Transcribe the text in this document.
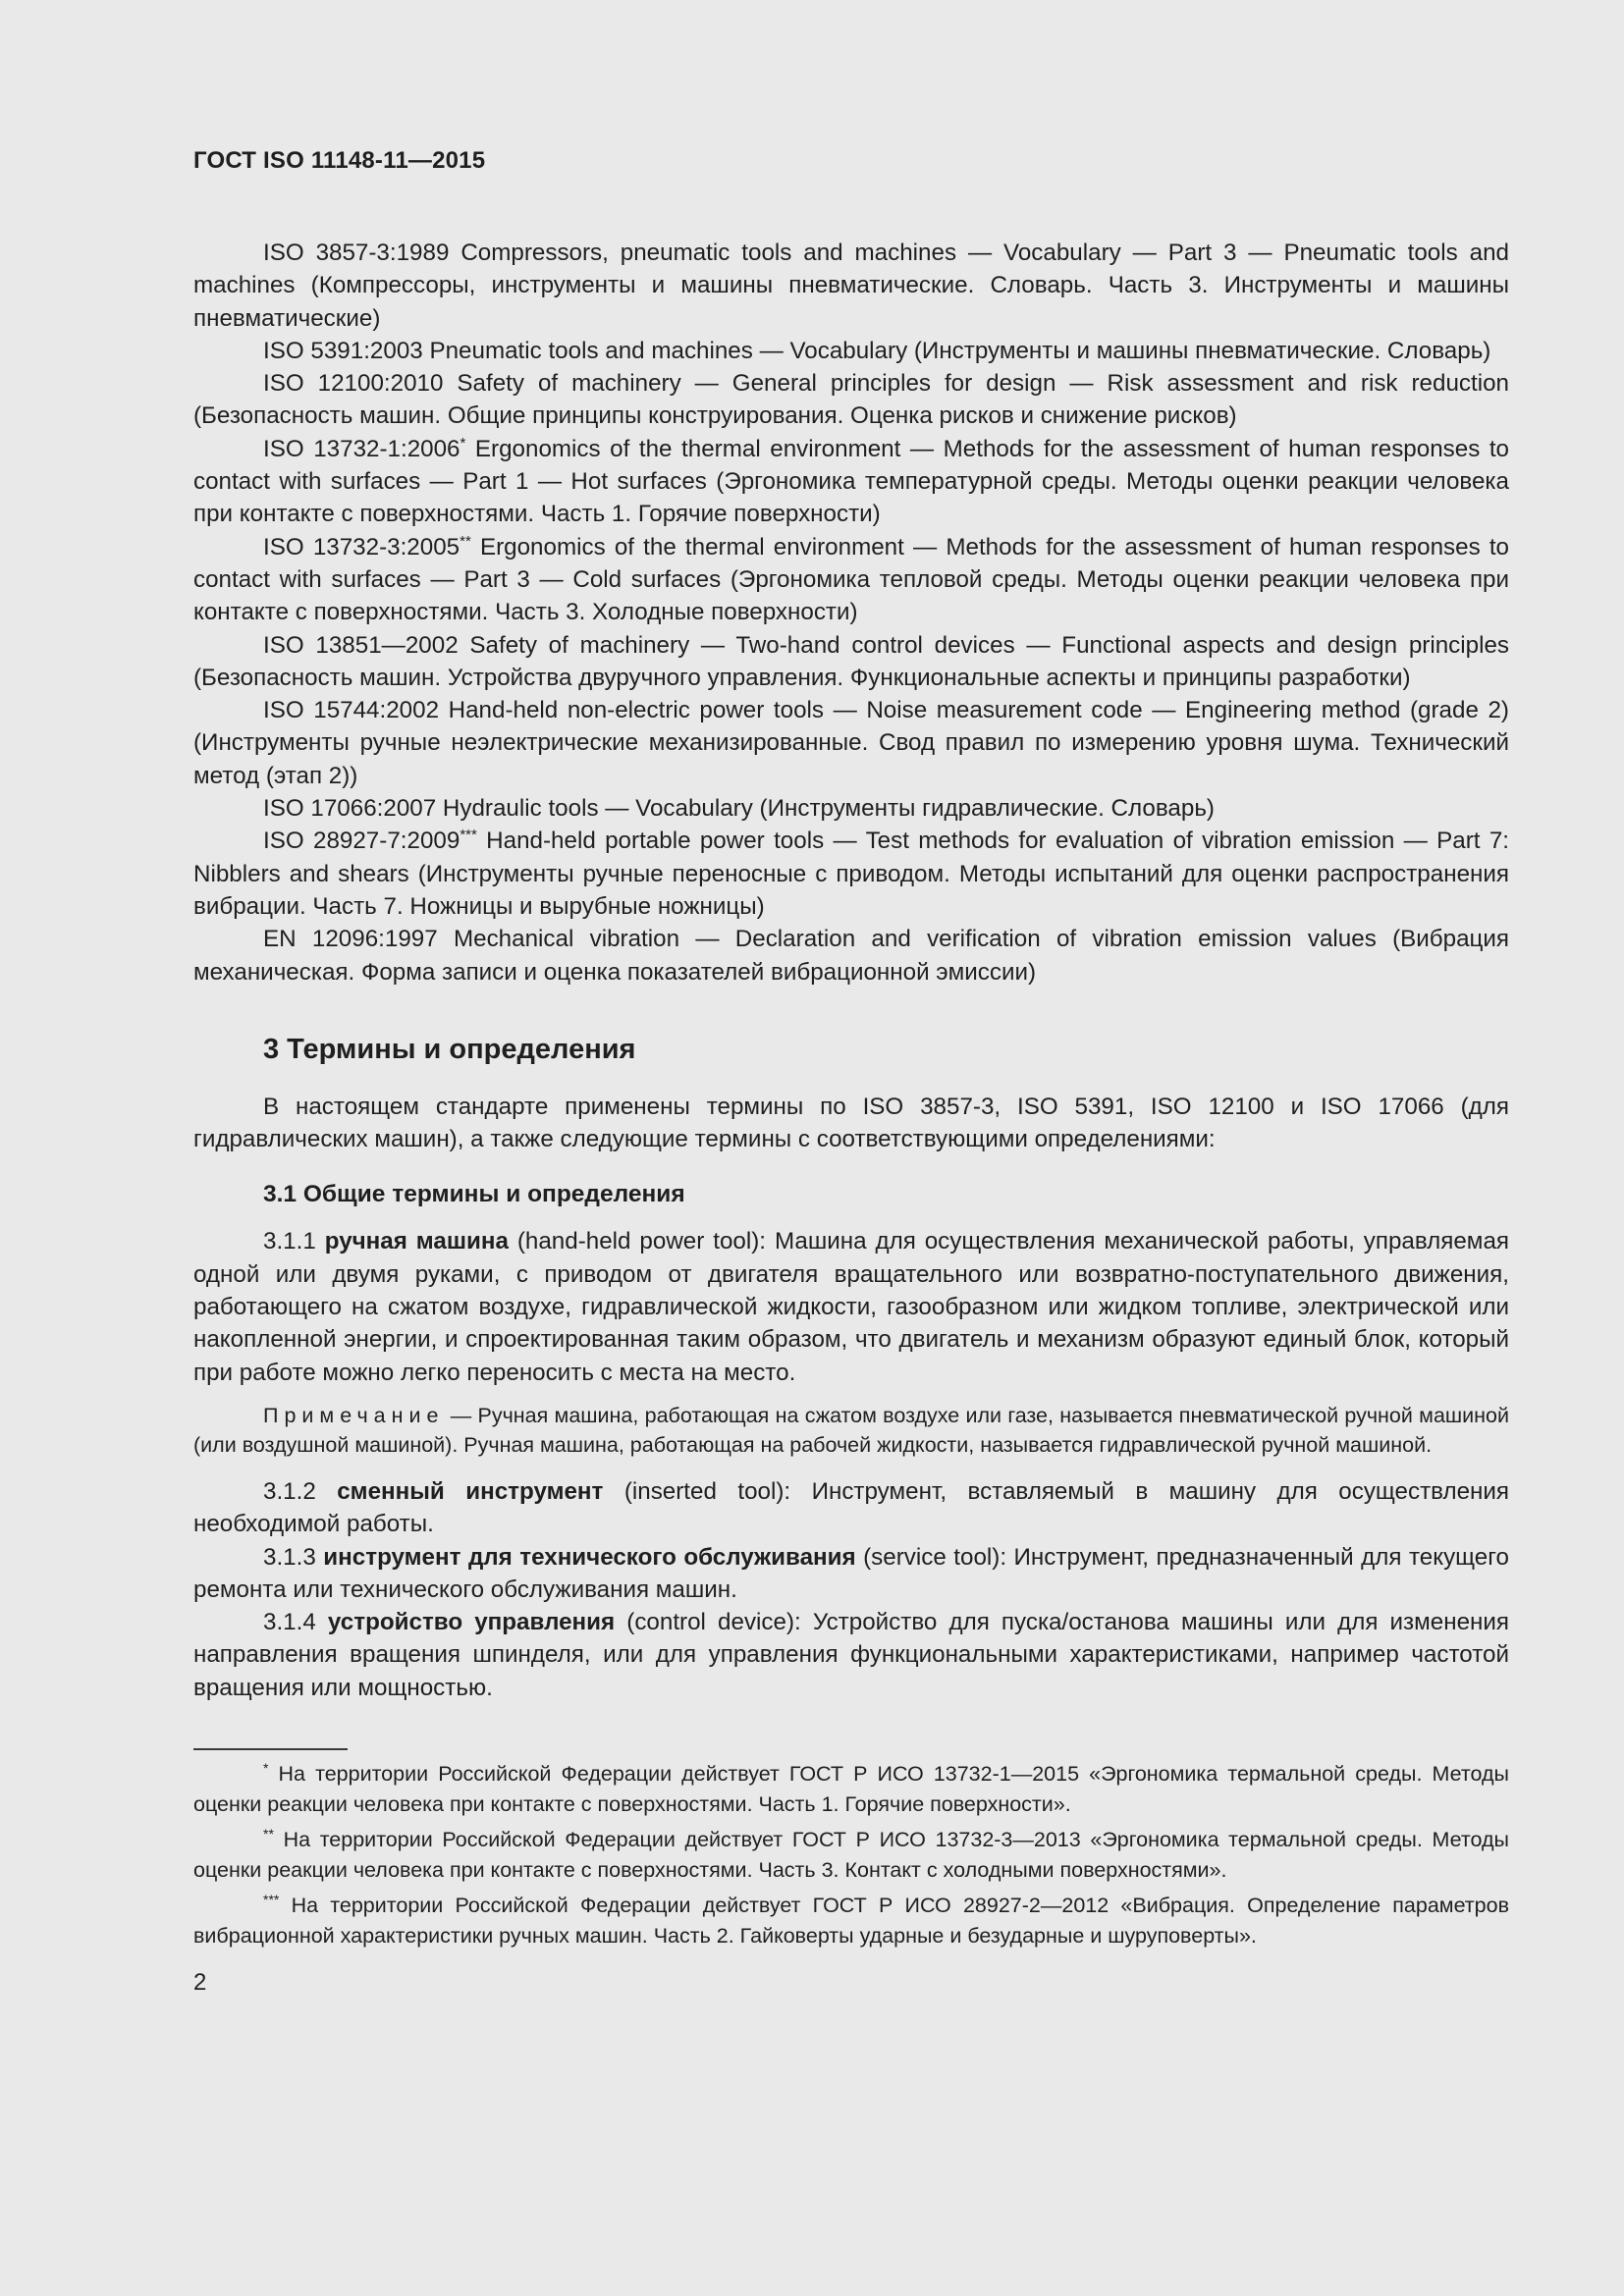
ГОСТ ISO 11148-11—2015

ISO 3857-3:1989 Compressors, pneumatic tools and machines — Vocabulary — Part 3 — Pneumatic tools and machines (Компрессоры, инструменты и машины пневматические. Словарь. Часть 3. Инструменты и машины пневматические)

ISO 5391:2003 Pneumatic tools and machines — Vocabulary (Инструменты и машины пневматические. Словарь)

ISO 12100:2010 Safety of machinery — General principles for design — Risk assessment and risk reduction (Безопасность машин. Общие принципы конструирования. Оценка рисков и снижение рисков)

ISO 13732-1:2006* Ergonomics of the thermal environment — Methods for the assessment of human responses to contact with surfaces — Part 1 — Hot surfaces (Эргономика температурной среды. Методы оценки реакции человека при контакте с поверхностями. Часть 1. Горячие поверхности)

ISO 13732-3:2005** Ergonomics of the thermal environment — Methods for the assessment of human responses to contact with surfaces — Part 3 — Cold surfaces (Эргономика тепловой среды. Методы оценки реакции человека при контакте с поверхностями. Часть 3. Холодные поверхности)

ISO 13851—2002 Safety of machinery — Two-hand control devices — Functional aspects and design principles (Безопасность машин. Устройства двуручного управления. Функциональные аспекты и принципы разработки)

ISO 15744:2002 Hand-held non-electric power tools — Noise measurement code — Engineering method (grade 2) (Инструменты ручные неэлектрические механизированные. Свод правил по измерению уровня шума. Технический метод (этап 2))

ISO 17066:2007 Hydraulic tools — Vocabulary (Инструменты гидравлические. Словарь)

ISO 28927-7:2009*** Hand-held portable power tools — Test methods for evaluation of vibration emission — Part 7: Nibblers and shears (Инструменты ручные переносные с приводом. Методы испытаний для оценки распространения вибрации. Часть 7. Ножницы и вырубные ножницы)

EN 12096:1997 Mechanical vibration — Declaration and verification of vibration emission values (Вибрация механическая. Форма записи и оценка показателей вибрационной эмиссии)

3 Термины и определения

В настоящем стандарте применены термины по ISO 3857-3, ISO 5391, ISO 12100 и ISO 17066 (для гидравлических машин), а также следующие термины с соответствующими определениями:

3.1 Общие термины и определения

3.1.1 ручная машина (hand-held power tool): Машина для осуществления механической работы, управляемая одной или двумя руками, с приводом от двигателя вращательного или возвратно-поступательного движения, работающего на сжатом воздухе, гидравлической жидкости, газообразном или жидком топливе, электрической или накопленной энергии, и спроектированная таким образом, что двигатель и механизм образуют единый блок, который при работе можно легко переносить с места на место.

Примечание — Ручная машина, работающая на сжатом воздухе или газе, называется пневматической ручной машиной (или воздушной машиной). Ручная машина, работающая на рабочей жидкости, называется гидравлической ручной машиной.

3.1.2 сменный инструмент (inserted tool): Инструмент, вставляемый в машину для осуществления необходимой работы.

3.1.3 инструмент для технического обслуживания (service tool): Инструмент, предназначенный для текущего ремонта или технического обслуживания машин.

3.1.4 устройство управления (control device): Устройство для пуска/останова машины или для изменения направления вращения шпинделя, или для управления функциональными характеристиками, например частотой вращения или мощностью.

* На территории Российской Федерации действует ГОСТ Р ИСО 13732-1—2015 «Эргономика термальной среды. Методы оценки реакции человека при контакте с поверхностями. Часть 1. Горячие поверхности».

** На территории Российской Федерации действует ГОСТ Р ИСО 13732-3—2013 «Эргономика термальной среды. Методы оценки реакции человека при контакте с поверхностями. Часть 3. Контакт с холодными поверхностями».

*** На территории Российской Федерации действует ГОСТ Р ИСО 28927-2—2012 «Вибрация. Определение параметров вибрационной характеристики ручных машин. Часть 2. Гайковерты ударные и безударные и шуруповерты».

2
